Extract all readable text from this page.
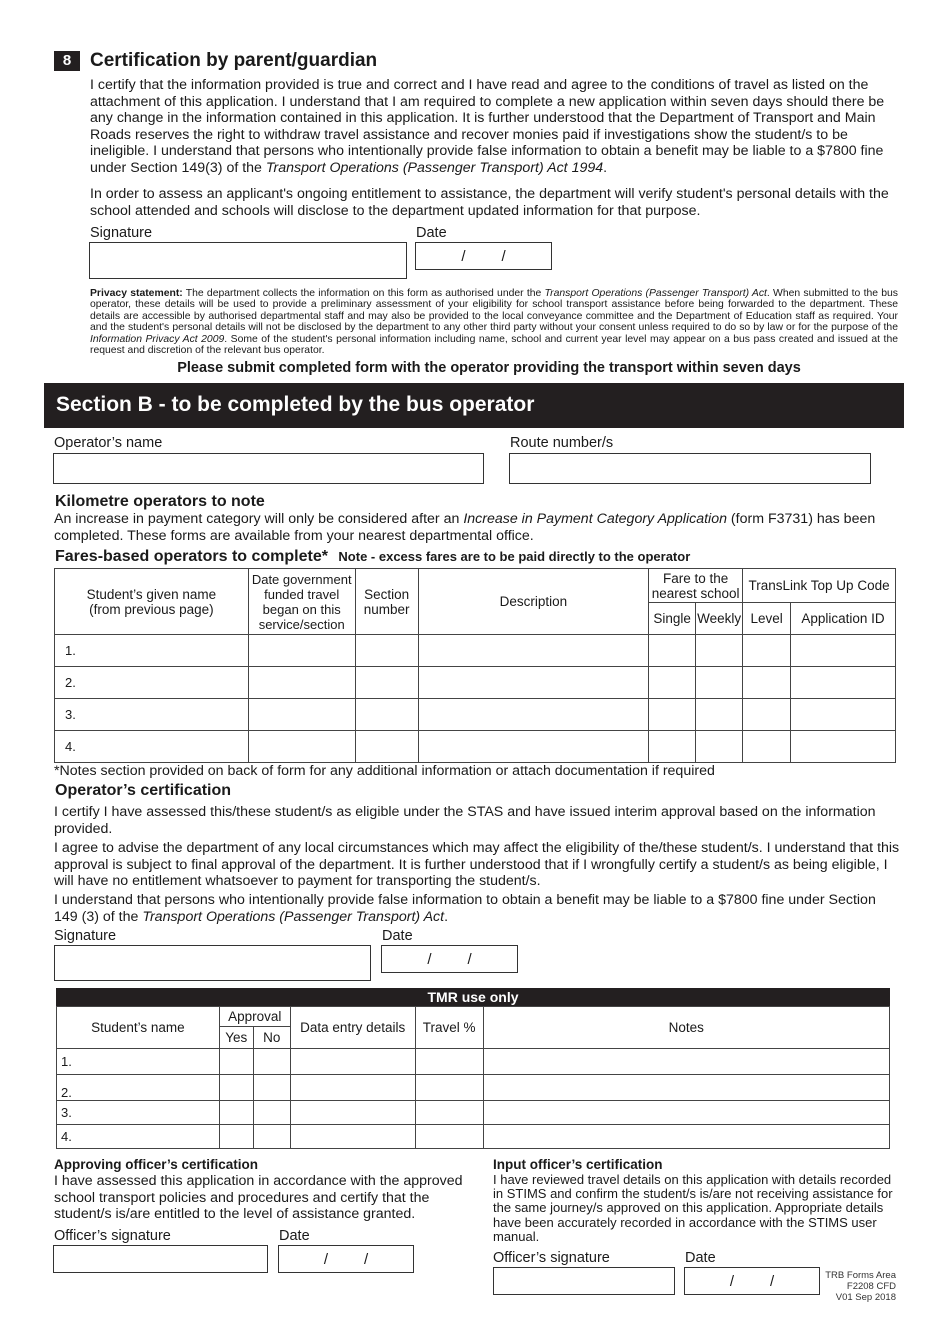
8 Certification by parent/guardian

I certify that the information provided is true and correct and I have read and agree to the conditions of travel as listed on the attachment of this application. I understand that I am required to complete a new application within seven days should there be any change in the information contained in this application. It is further understood that the Department of Transport and Main Roads reserves the right to withdraw travel assistance and recover monies paid if investigations show the student/s to be ineligible. I understand that persons who intentionally provide false information to obtain a benefit may be liable to a $7800 fine under Section 149(3) of the Transport Operations (Passenger Transport) Act 1994.

In order to assess an applicant's ongoing entitlement to assistance, the department will verify student's personal details with the school attended and schools will disclose to the department updated information for that purpose.

Signature	Date
/ /

Privacy statement: The department collects the information on this form as authorised under the Transport Operations (Passenger Transport) Act. When submitted to the bus operator, these details will be used to provide a preliminary assessment of your eligibility for school transport assistance before being forwarded to the department. These details are accessible by authorised departmental staff and may also be provided to the local conveyance committee and the Department of Education staff as required. Your and the student's personal details will not be disclosed by the department to any other third party without your consent unless required to do so by law or for the purpose of the Information Privacy Act 2009. Some of the student's personal information including name, school and current year level may appear on a bus pass created and issued at the request and discretion of the relevant bus operator.

Please submit completed form with the operator providing the transport within seven days
Section B - to be completed by the bus operator
Operator’s name	Route number/s
Kilometre operators to note

An increase in payment category will only be considered after an Increase in Payment Category Application (form F3731) has been completed. These forms are available from your nearest departmental office.

Fares-based operators to complete* Note - excess fares are to be paid directly to the operator
Student’s given name (from previous page)	Date government funded travel began on this service/section	Section number	Description	Fare to the nearest school		TransLink Top Up Code	
				Single	Weekly	Level	Application ID
1.							
2.							
3.							
4.							
*Notes section provided on back of form for any additional information or attach documentation if required
Operator’s certification

I certify I have assessed this/these student/s as eligible under the STAS and have issued interim approval based on the information provided.

I agree to advise the department of any local circumstances which may affect the eligibility of the/these student/s. I understand that this approval is subject to final approval of the department. It is further understood that if I wrongfully certify a student/s as being eligible, I will have no entitlement whatsoever to payment for transporting the student/s.

I understand that persons who intentionally provide false information to obtain a benefit may be liable to a $7800 fine under Section 149 (3) of the Transport Operations (Passenger Transport) Act.

Signature	Date
/ /
TMR use only
Student’s name	Approval		Data entry details	Travel %	Notes
	Yes	No			
1.					
2.					
3.					
4.					
Approving officer’s certification

I have assessed this application in accordance with the approved school transport policies and procedures and certify that the student/s is/are entitled to the level of assistance granted.

Officer’s signature	Date
/ /
Input officer’s certification

I have reviewed travel details on this application with details recorded in STIMS and confirm the student/s is/are not receiving assistance for the same journey/s approved on this application. Appropriate details have been accurately recorded in accordance with the STIMS user manual.

Officer’s signature	Date
/ /	TRB Forms Area
F2208 CFD
V01 Sep 2018
